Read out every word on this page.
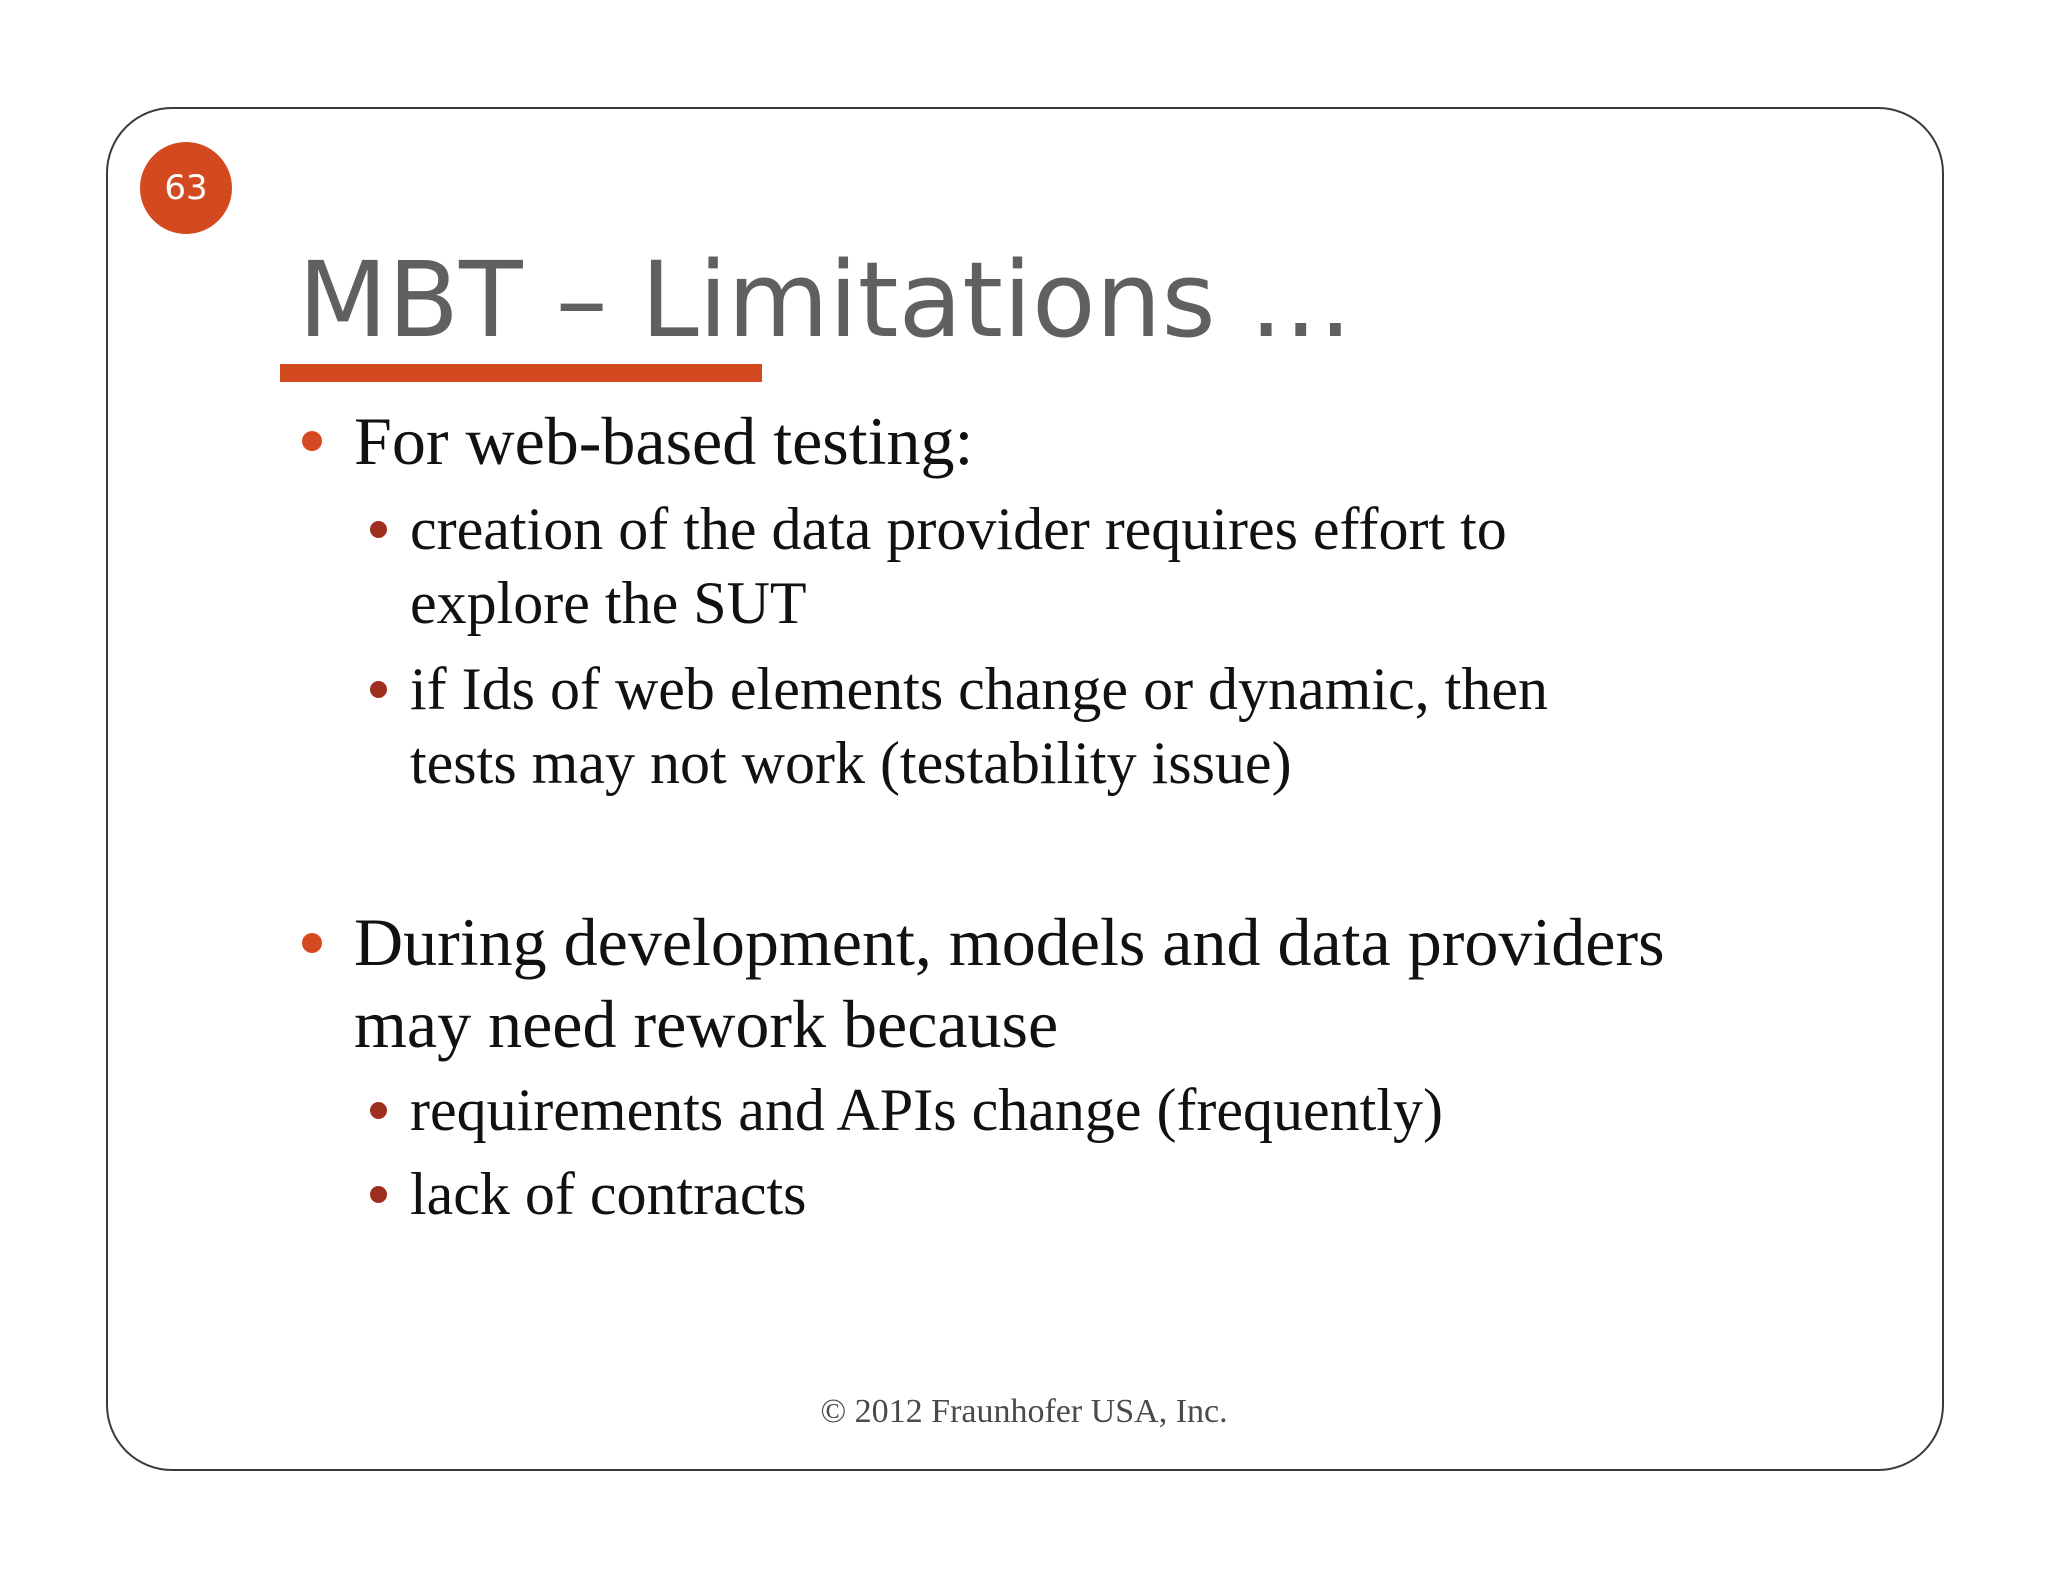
63
MBT – Limitations …
For web-based testing:
creation of the data provider requires effort to
explore the SUT
if Ids of web elements change or dynamic, then
tests may not work (testability issue)
During development, models and data providers
may need rework because
requirements and APIs change (frequently)
lack of contracts
© 2012 Fraunhofer USA, Inc.
